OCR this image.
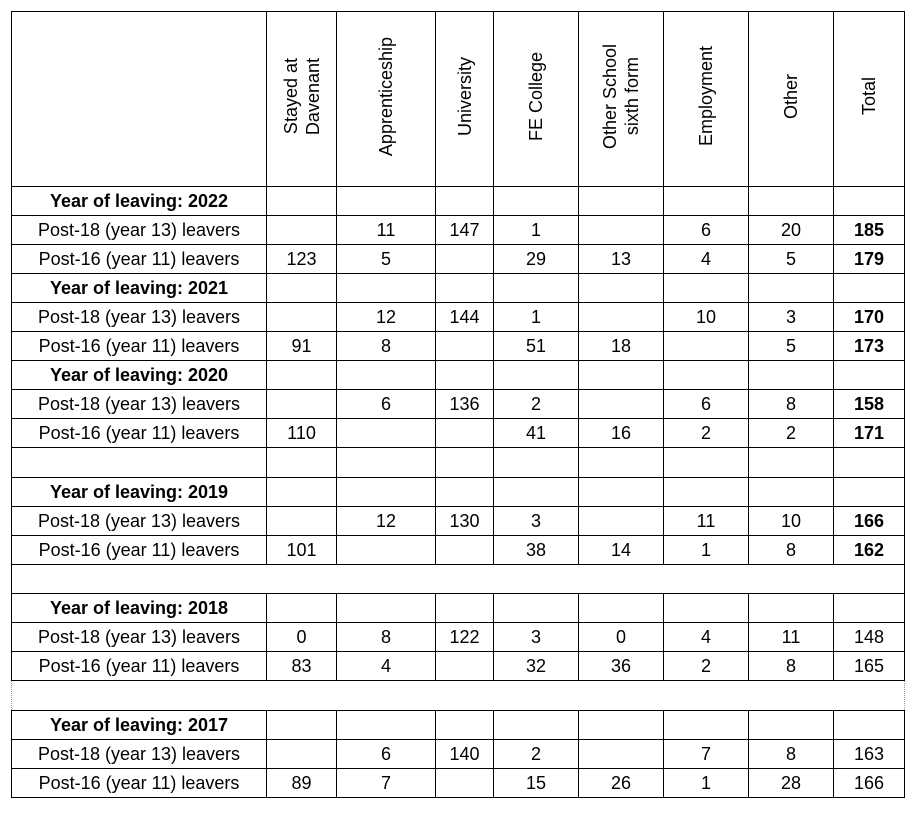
	Stayed at
Davenant	Apprenticeship	University	FE College	Other School
sixth form	Employment	Other	Total
Year of leaving: 2022								
Post-18 (year 13) leavers		11	147	1		6	20	185
Post-16 (year 11) leavers	123	5		29	13	4	5	179
Year of leaving: 2021								
Post-18 (year 13) leavers		12	144	1		10	3	170
Post-16 (year 11) leavers	91	8		51	18		5	173
Year of leaving: 2020								
Post-18 (year 13) leavers		6	136	2		6	8	158
Post-16 (year 11) leavers	110			41	16	2	2	171

Year of leaving: 2019								
Post-18 (year 13) leavers		12	130	3		11	10	166
Post-16 (year 11) leavers	101			38	14	1	8	162

Year of leaving: 2018								
Post-18 (year 13) leavers	0	8	122	3	0	4	11	148
Post-16 (year 11) leavers	83	4		32	36	2	8	165

Year of leaving: 2017								
Post-18 (year 13) leavers		6	140	2		7	8	163
Post-16 (year 11) leavers	89	7		15	26	1	28	166
